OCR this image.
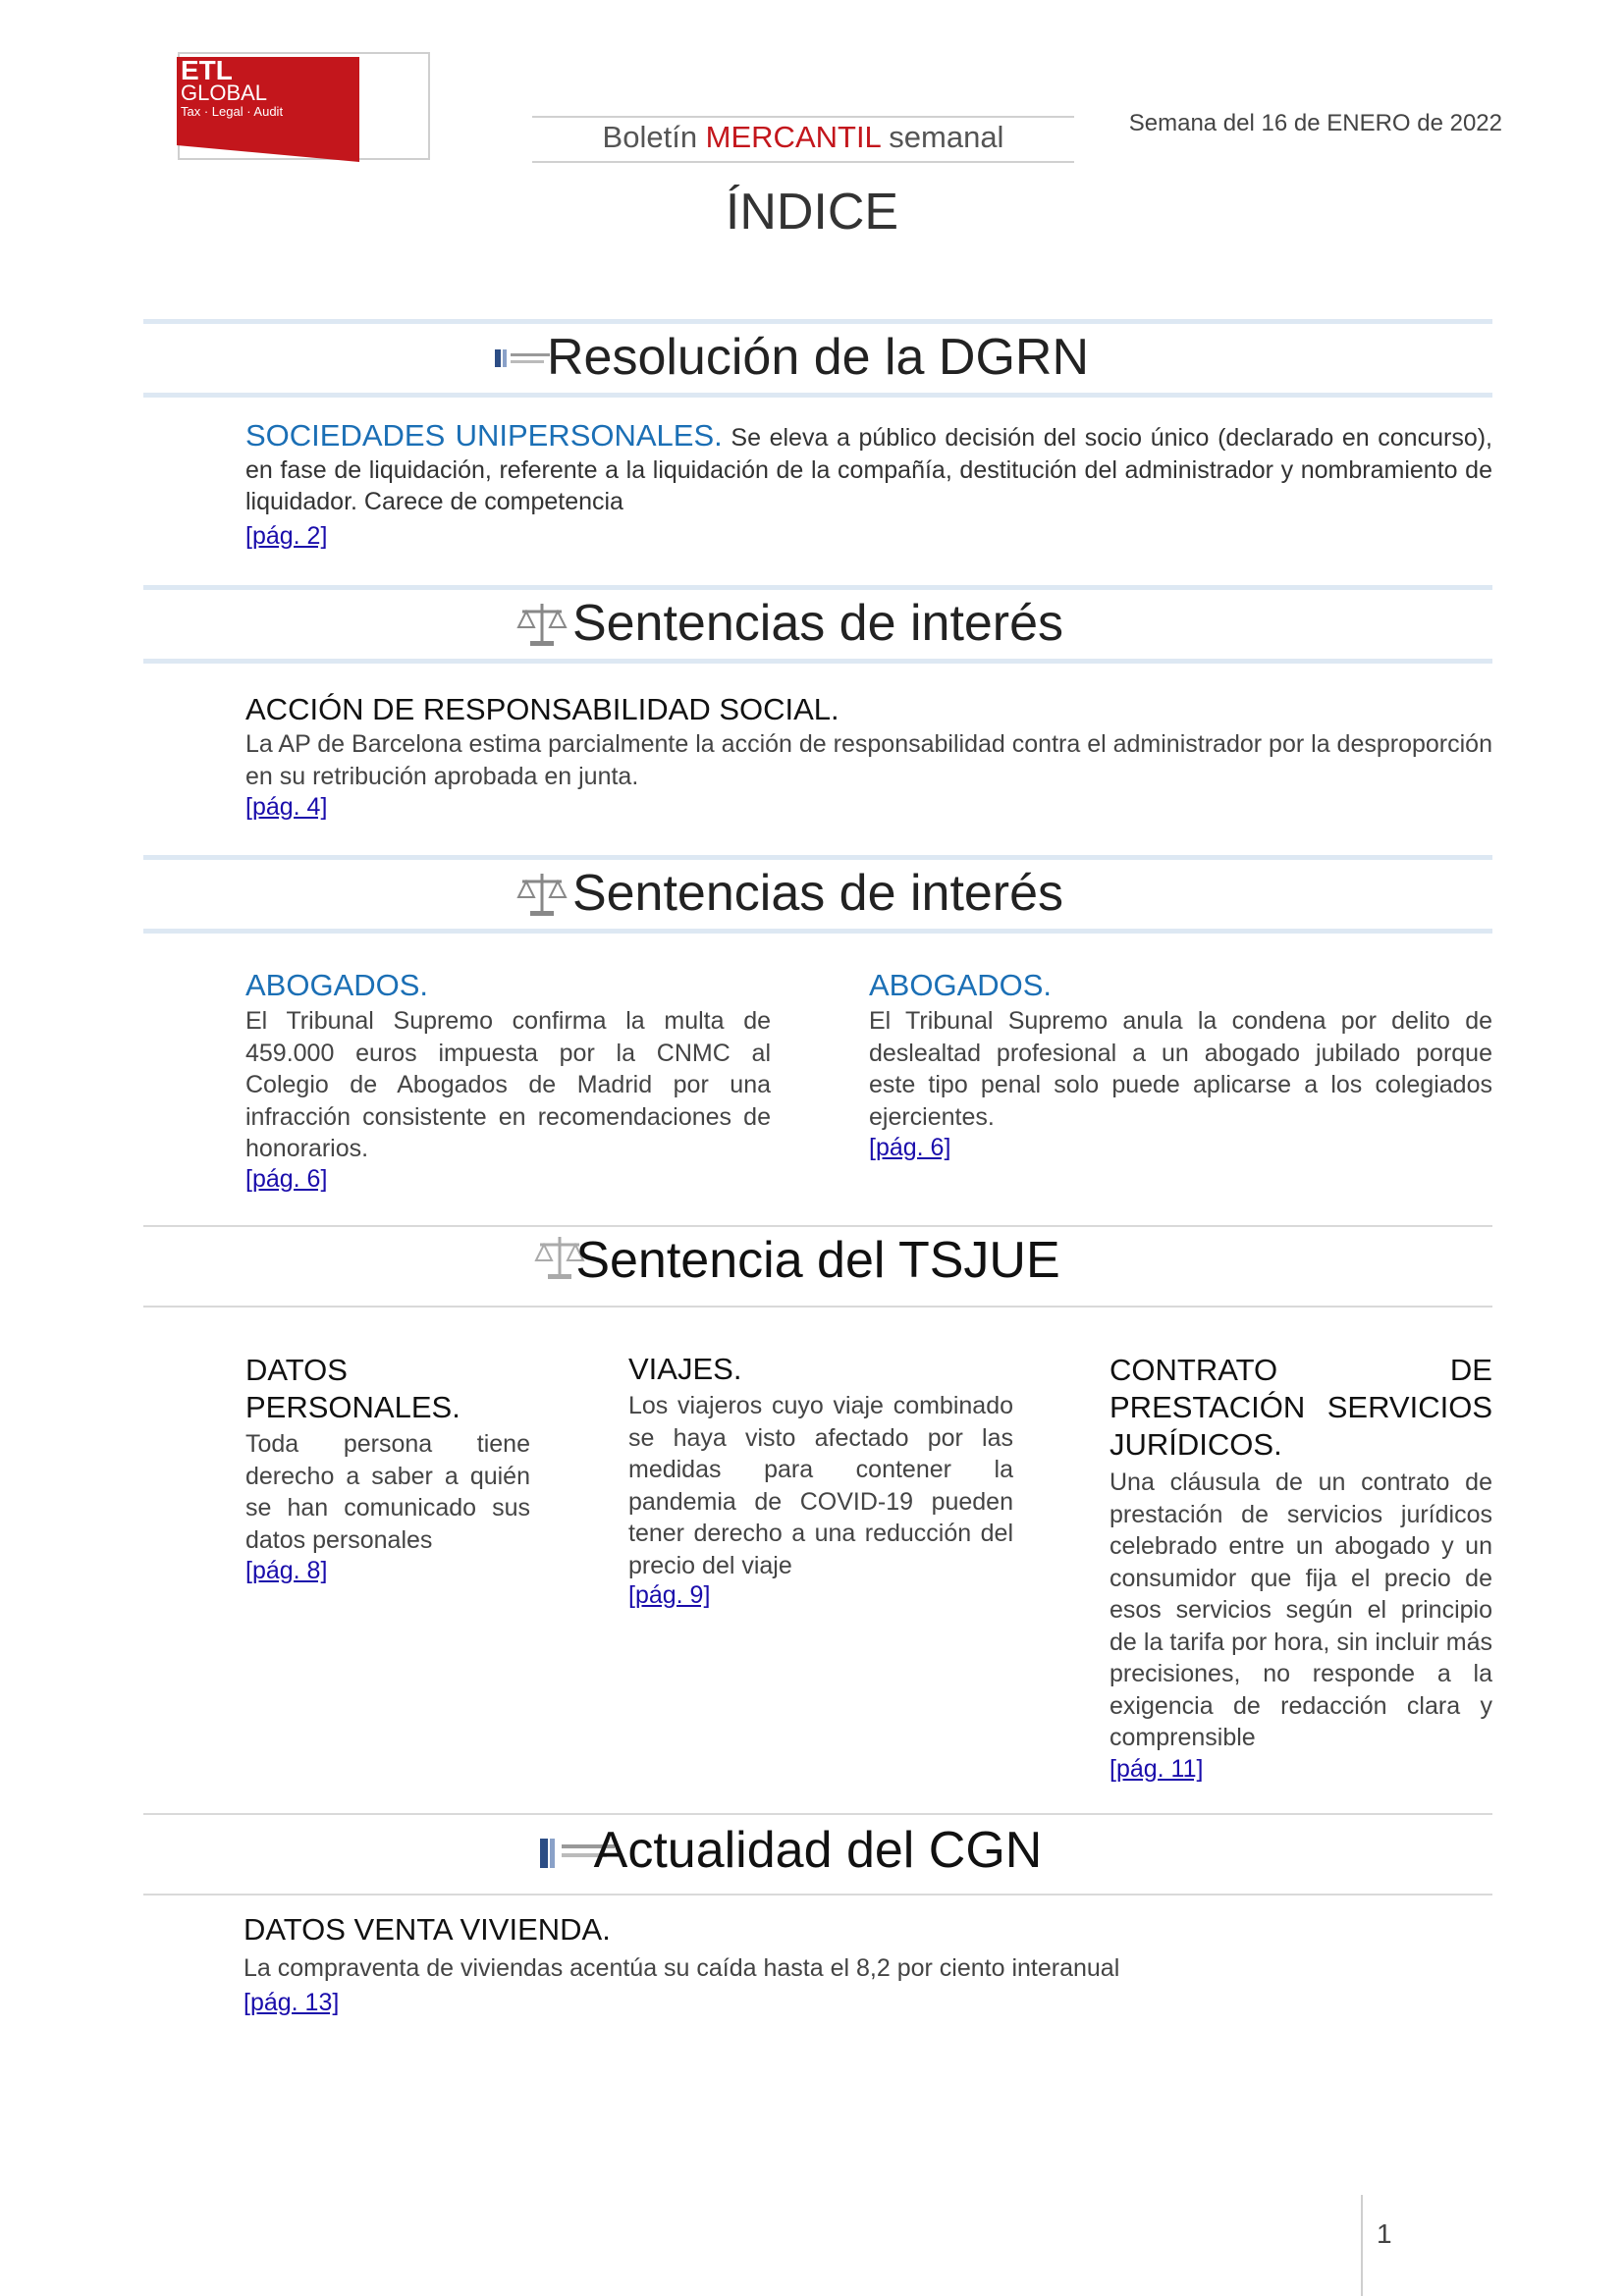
ETL
GLOBAL
Tax · Legal · Audit
Boletín MERCANTIL semanal	Semana del 16 de ENERO de 2022
ÍNDICE
Resolución de la DGRN
SOCIEDADES UNIPERSONALES. Se eleva a público decisión del socio único (declarado en concurso), en fase de liquidación, referente a la liquidación de la compañía, destitución del administrador y nombramiento de liquidador. Carece de competencia
[pág. 2]
Sentencias de interés
ACCIÓN DE RESPONSABILIDAD SOCIAL.
La AP de Barcelona estima parcialmente la acción de responsabilidad contra el administrador por la desproporción en su retribución aprobada en junta.
[pág. 4]
Sentencias de interés
ABOGADOS.
El Tribunal Supremo confirma la multa de 459.000 euros impuesta por la CNMC al Colegio de Abogados de Madrid por una infracción consistente en recomendaciones de honorarios.
[pág. 6]
ABOGADOS.
El Tribunal Supremo anula la condena por delito de deslealtad profesional a un abogado jubilado porque este tipo penal solo puede aplicarse a los colegiados ejercientes.
[pág. 6]
Sentencia del TSJUE
DATOS PERSONALES.
Toda persona tiene derecho a saber a quién se han comunicado sus datos personales
[pág. 8]
VIAJES.
Los viajeros cuyo viaje combinado se haya visto afectado por las medidas para contener la pandemia de COVID-19 pueden tener derecho a una reducción del precio del viaje
[pág. 9]
CONTRATO DE PRESTACIÓN SERVICIOS JURÍDICOS.
Una cláusula de un contrato de prestación de servicios jurídicos celebrado entre un abogado y un consumidor que fija el precio de esos servicios según el principio de la tarifa por hora, sin incluir más precisiones, no responde a la exigencia de redacción clara y comprensible
[pág. 11]
Actualidad del CGN
DATOS VENTA VIVIENDA.
La compraventa de viviendas acentúa su caída hasta el 8,2 por ciento interanual
[pág. 13]
1
